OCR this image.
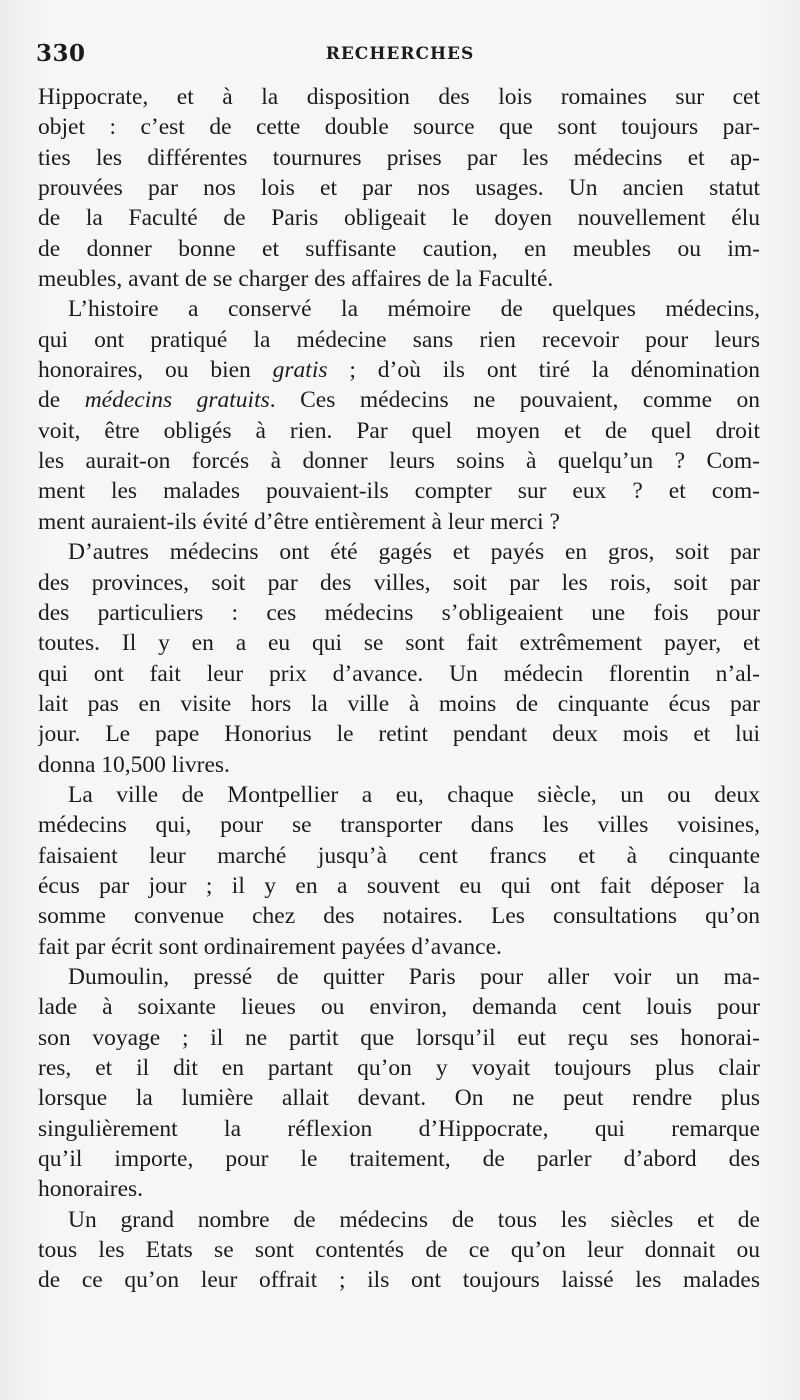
330	RECHERCHES
Hippocrate, et à la disposition des lois romaines sur cet
objet : c’est de cette double source que sont toujours par-
ties les différentes tournures prises par les médecins et ap-
prouvées par nos lois et par nos usages. Un ancien statut
de la Faculté de Paris obligeait le doyen nouvellement élu
de donner bonne et suffisante caution, en meubles ou im-
meubles, avant de se charger des affaires de la Faculté.
L’histoire a conservé la mémoire de quelques médecins,
qui ont pratiqué la médecine sans rien recevoir pour leurs
honoraires, ou bien gratis ; d’où ils ont tiré la dénomination
de médecins gratuits. Ces médecins ne pouvaient, comme on
voit, être obligés à rien. Par quel moyen et de quel droit
les aurait-on forcés à donner leurs soins à quelqu’un ? Com-
ment les malades pouvaient-ils compter sur eux ? et com-
ment auraient-ils évité d’être entièrement à leur merci ?
D’autres médecins ont été gagés et payés en gros, soit par
des provinces, soit par des villes, soit par les rois, soit par
des particuliers : ces médecins s’obligeaient une fois pour
toutes. Il y en a eu qui se sont fait extrêmement payer, et
qui ont fait leur prix d’avance. Un médecin florentin n’al-
lait pas en visite hors la ville à moins de cinquante écus par
jour. Le pape Honorius le retint pendant deux mois et lui
donna 10,500 livres.
La ville de Montpellier a eu, chaque siècle, un ou deux
médecins qui, pour se transporter dans les villes voisines,
faisaient leur marché jusqu’à cent francs et à cinquante
écus par jour ; il y en a souvent eu qui ont fait déposer la
somme convenue chez des notaires. Les consultations qu’on
fait par écrit sont ordinairement payées d’avance.
Dumoulin, pressé de quitter Paris pour aller voir un ma-
lade à soixante lieues ou environ, demanda cent louis pour
son voyage ; il ne partit que lorsqu’il eut reçu ses honorai-
res, et il dit en partant qu’on y voyait toujours plus clair
lorsque la lumière allait devant. On ne peut rendre plus
singulièrement la réflexion d’Hippocrate, qui remarque
qu’il importe, pour le traitement, de parler d’abord des
honoraires.
Un grand nombre de médecins de tous les siècles et de
tous les Etats se sont contentés de ce qu’on leur donnait ou
de ce qu’on leur offrait ; ils ont toujours laissé les malades
